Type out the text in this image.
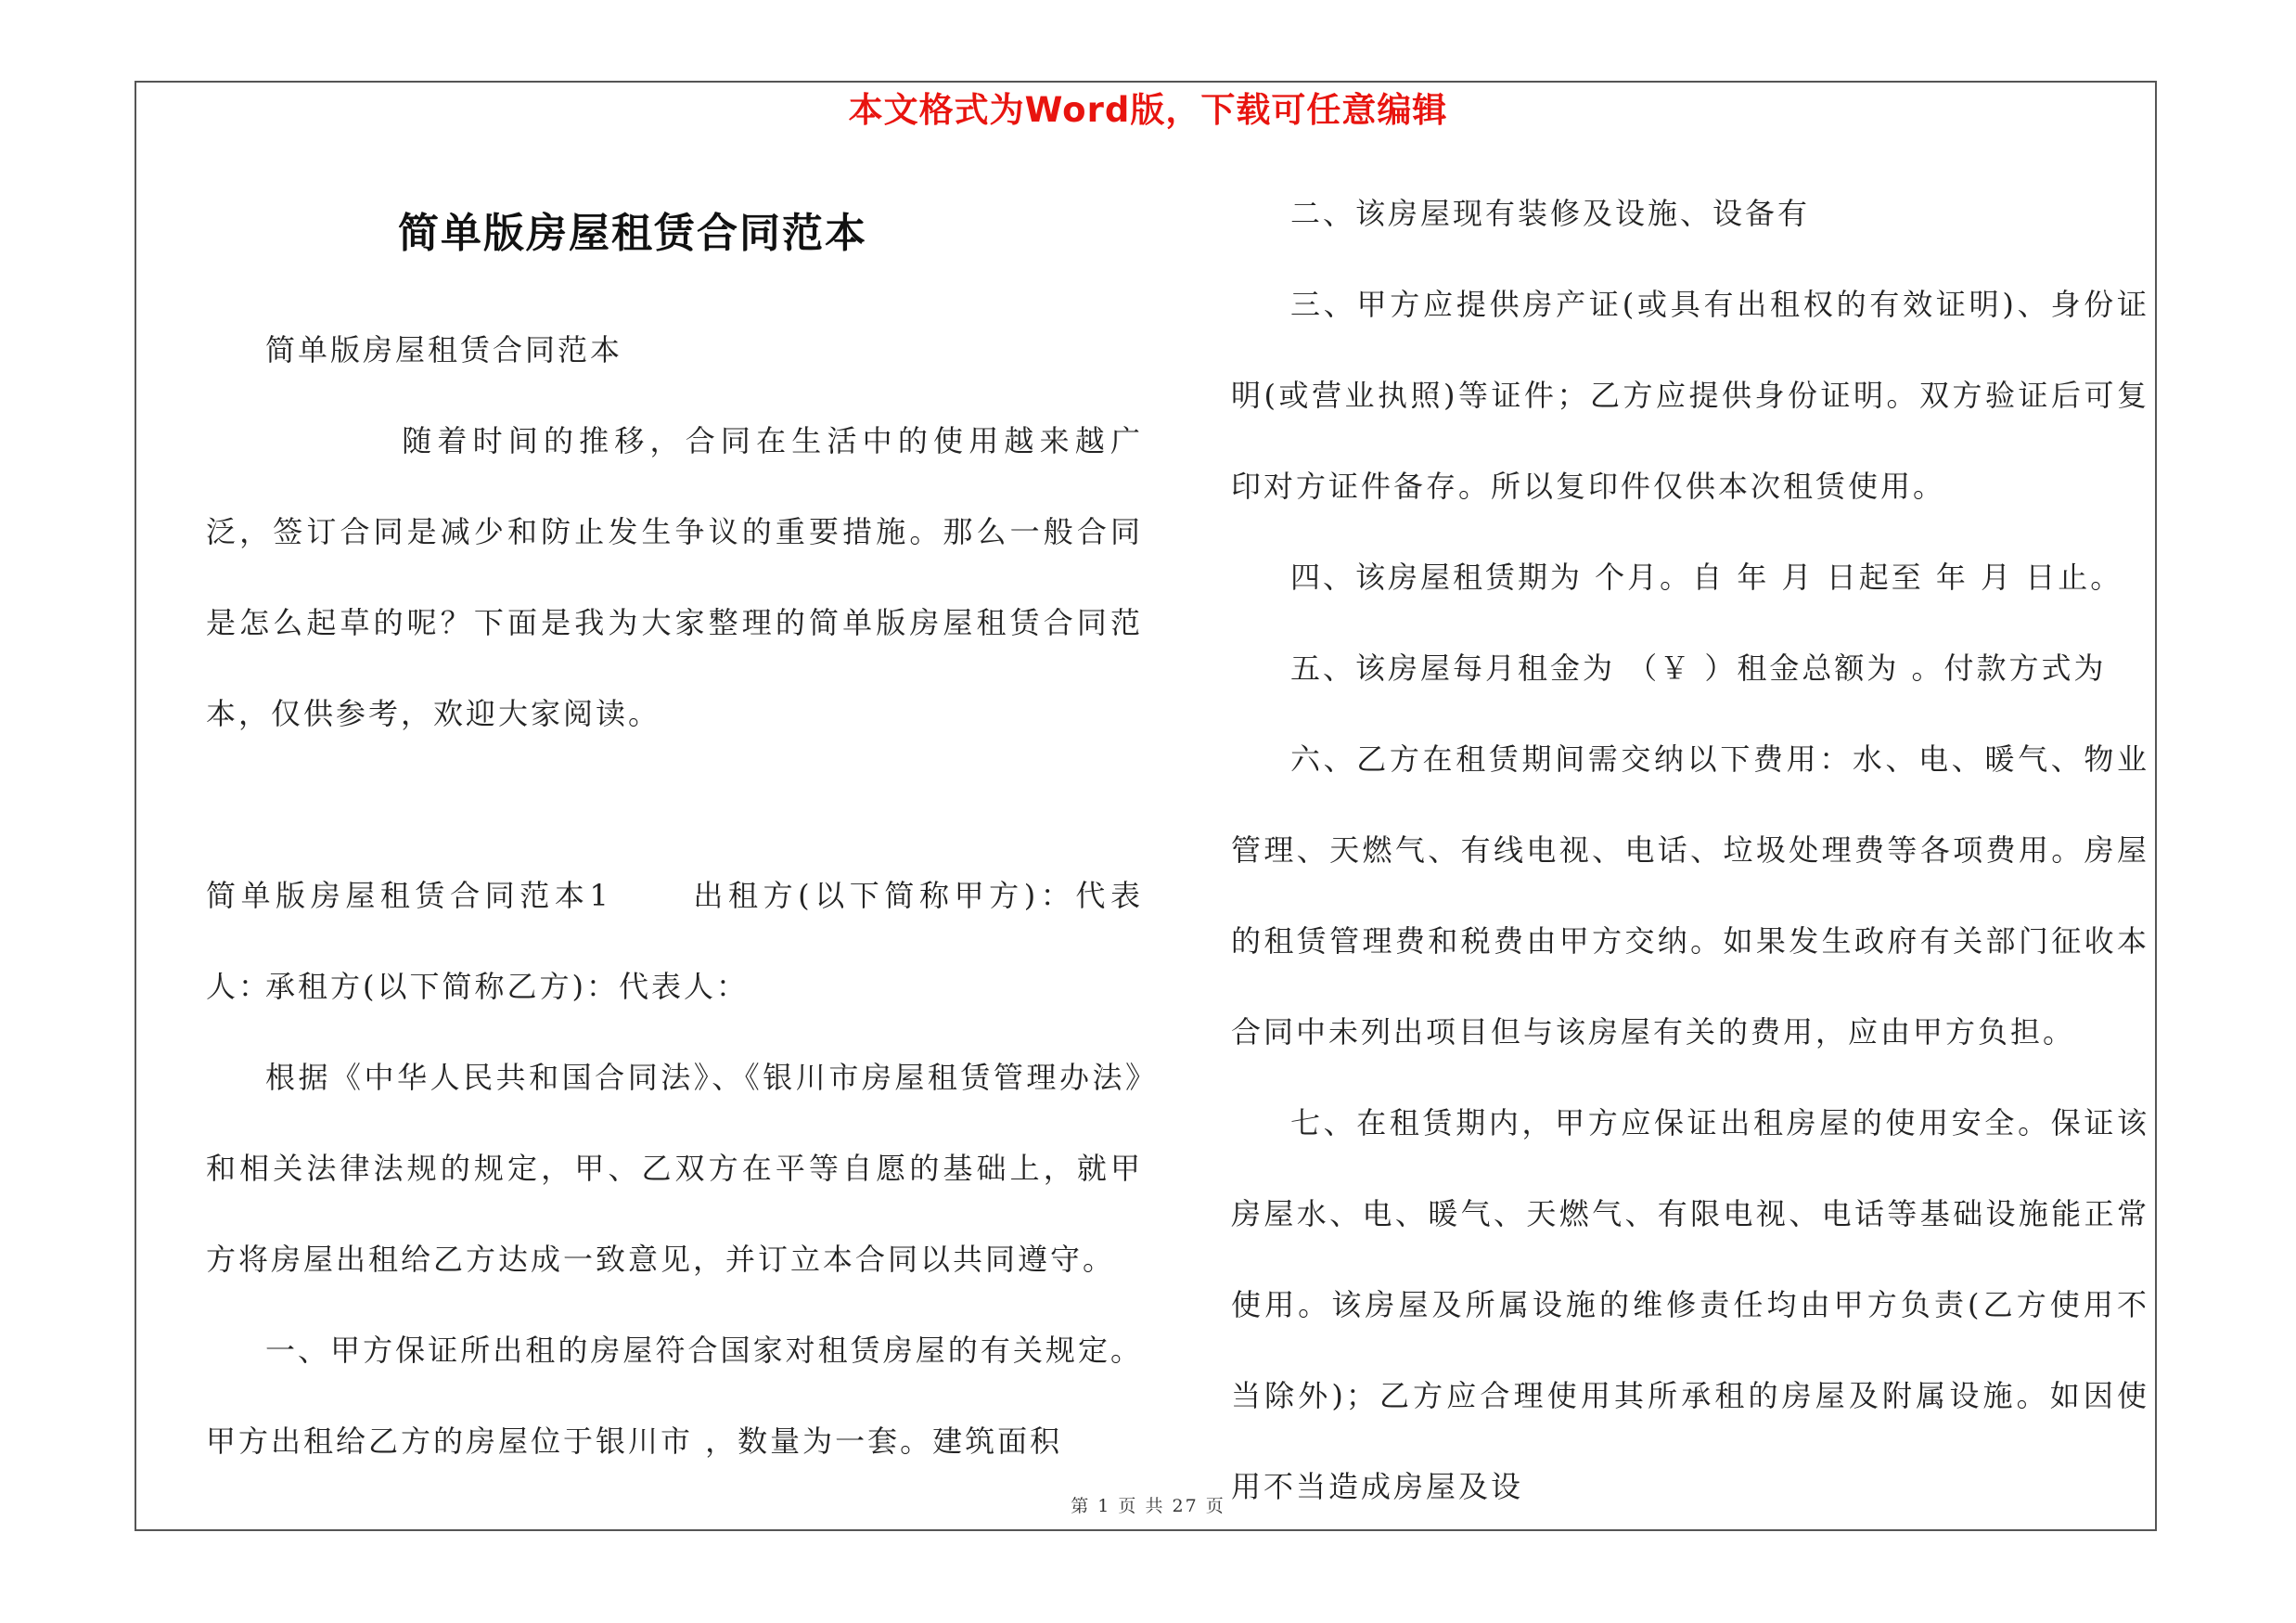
本文格式为Word版，下载可任意编辑
简单版房屋租赁合同范本

简单版房屋租赁合同范本

随着时间的推移，合同在生活中的使用越来越广泛，签订合同是减少和防止发生争议的重要措施。那么一般合同是怎么起草的呢？下面是我为大家整理的简单版房屋租赁合同范本，仅供参考，欢迎大家阅读。

简单版房屋租赁合同范本1	出租方(以下简称甲方)：代表人：

承租方(以下简称乙方)：代表人：

根据《中华人民共和国合同法》、《银川市房屋租赁管理办法》和相关法律法规的规定，甲、乙双方在平等自愿的基础上，就甲方将房屋出租给乙方达成一致意见，并订立本合同以共同遵守。

一、甲方保证所出租的房屋符合国家对租赁房屋的有关规定。甲方出租给乙方的房屋位于银川市 ，数量为一套。建筑面积

二、该房屋现有装修及设施、设备有

三、甲方应提供房产证(或具有出租权的有效证明)、身份证明(或营业执照)等证件；乙方应提供身份证明。双方验证后可复印对方证件备存。所以复印件仅供本次租赁使用。

四、该房屋租赁期为 个月。自 年 月 日起至 年 月 日止。

五、该房屋每月租金为 （￥ ）租金总额为 。付款方式为

六、乙方在租赁期间需交纳以下费用：水、电、暖气、物业管理、天燃气、有线电视、电话、垃圾处理费等各项费用。房屋的租赁管理费和税费由甲方交纳。如果发生政府有关部门征收本合同中未列出项目但与该房屋有关的费用，应由甲方负担。

七、在租赁期内，甲方应保证出租房屋的使用安全。保证该房屋水、电、暖气、天燃气、有限电视、电话等基础设施能正常使用。该房屋及所属设施的维修责任均由甲方负责(乙方使用不当除外)；乙方应合理使用其所承租的房屋及附属设施。如因使用不当造成房屋及设

第 1 页 共 27 页
